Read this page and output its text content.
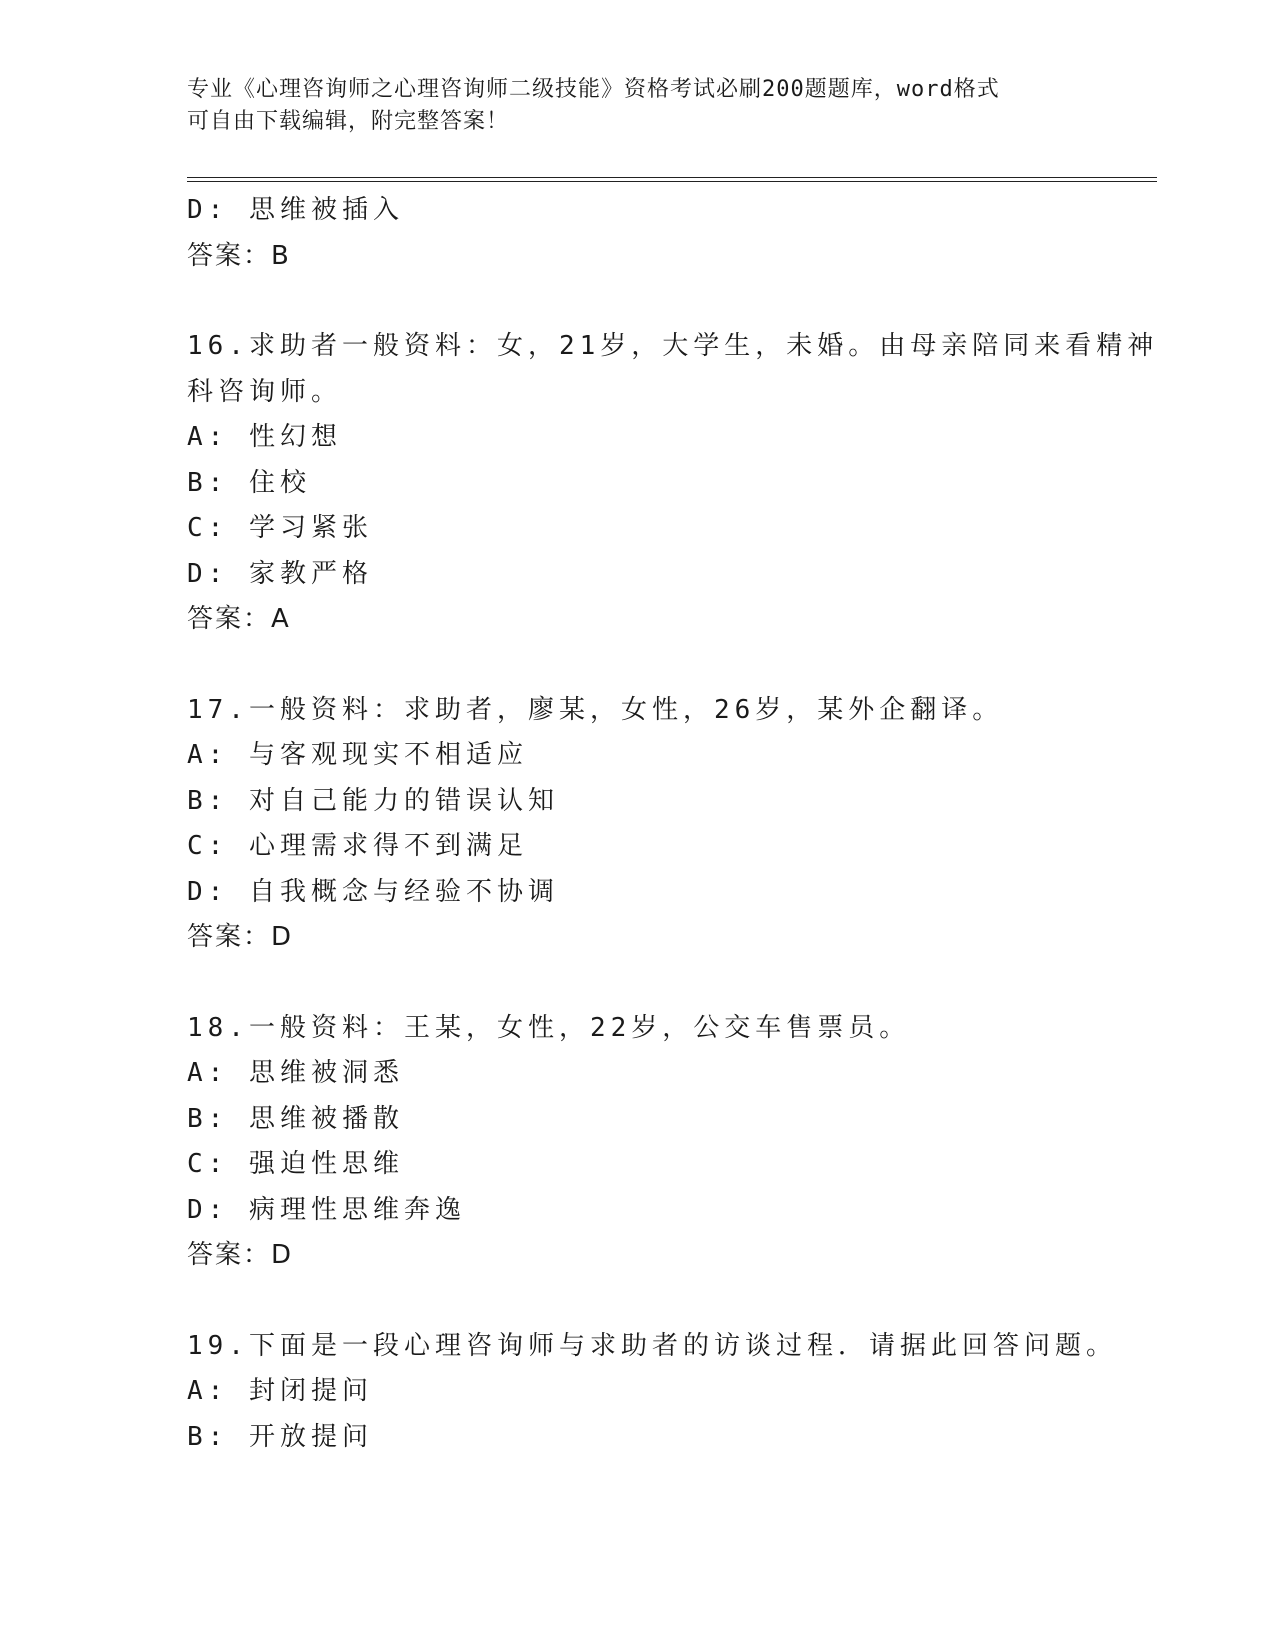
专业《心理咨询师之心理咨询师二级技能》资格考试必刷200题题库，word格式
可自由下载编辑，附完整答案！
D: 思维被插入
答案：B
16.求助者一般资料：女，21岁，大学生，未婚。由母亲陪同来看精神
科咨询师。
A: 性幻想
B: 住校
C: 学习紧张
D: 家教严格
答案：A
17.一般资料：求助者，廖某，女性，26岁，某外企翻译。
A: 与客观现实不相适应
B: 对自己能力的错误认知
C: 心理需求得不到满足
D: 自我概念与经验不协调
答案：D
18.一般资料：王某，女性，22岁，公交车售票员。
A: 思维被洞悉
B: 思维被播散
C: 强迫性思维
D: 病理性思维奔逸
答案：D
19.下面是一段心理咨询师与求助者的访谈过程．请据此回答问题。
A: 封闭提问
B: 开放提问
